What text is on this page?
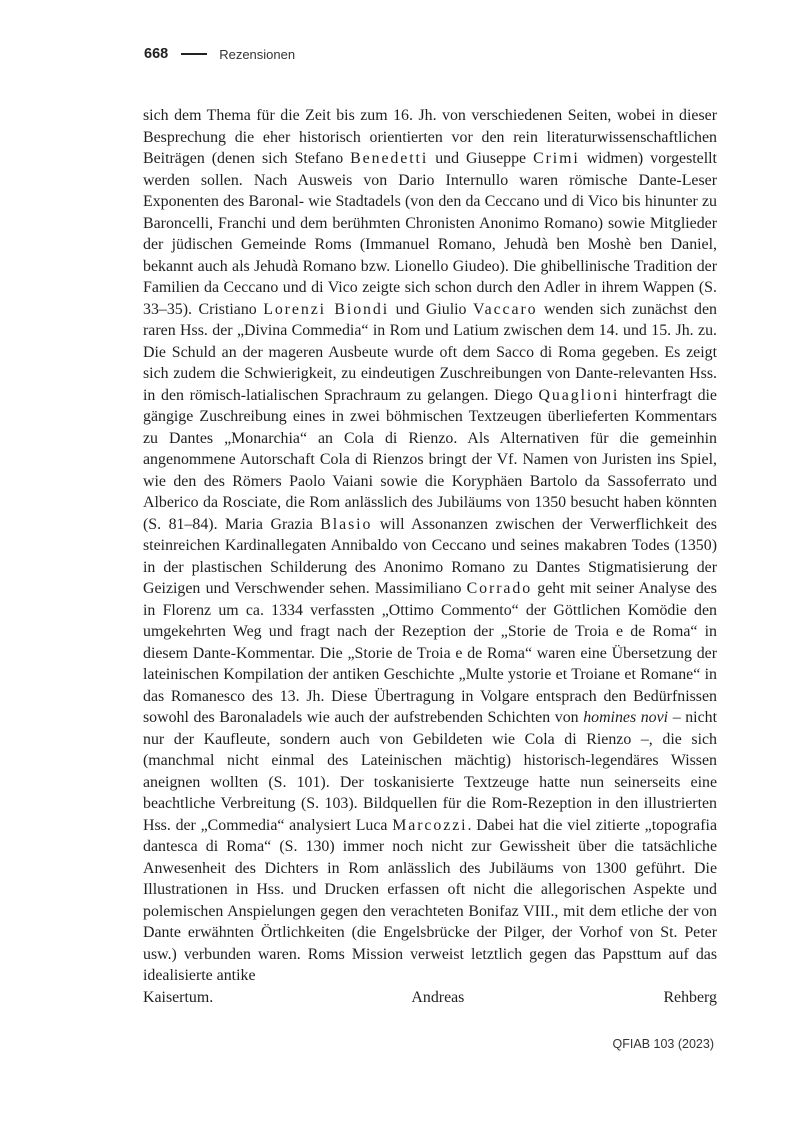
668	Rezensionen

sich dem Thema für die Zeit bis zum 16. Jh. von verschiedenen Seiten, wobei in dieser Besprechung die eher historisch orientierten vor den rein literaturwissenschaftlichen Beiträgen (denen sich Stefano Benedetti und Giuseppe Crimi widmen) vorgestellt werden sollen. Nach Ausweis von Dario Internullo waren römische Dante-Leser Exponenten des Baronal- wie Stadtadels (von den da Ceccano und di Vico bis hinunter zu Baroncelli, Franchi und dem berühmten Chronisten Anonimo Romano) sowie Mitglieder der jüdischen Gemeinde Roms (Immanuel Romano, Jehudà ben Moshè ben Daniel, bekannt auch als Jehudà Romano bzw. Lionello Giudeo). Die ghibellinische Tradition der Familien da Ceccano und di Vico zeigte sich schon durch den Adler in ihrem Wappen (S. 33–35). Cristiano Lorenzi Biondi und Giulio Vaccaro wenden sich zunächst den raren Hss. der „Divina Commedia“ in Rom und Latium zwischen dem 14. und 15. Jh. zu. Die Schuld an der mageren Ausbeute wurde oft dem Sacco di Roma gegeben. Es zeigt sich zudem die Schwierigkeit, zu eindeutigen Zuschreibungen von Dante-relevanten Hss. in den römisch-latialischen Sprachraum zu gelangen. Diego Quaglioni hinterfragt die gängige Zuschreibung eines in zwei böhmischen Textzeugen überlieferten Kommentars zu Dantes „Monarchia“ an Cola di Rienzo. Als Alternativen für die gemeinhin angenommene Autorschaft Cola di Rienzos bringt der Vf. Namen von Juristen ins Spiel, wie den des Römers Paolo Vaiani sowie die Koryphäen Bartolo da Sassoferrato und Alberico da Rosciate, die Rom anlässlich des Jubiläums von 1350 besucht haben könnten (S. 81–84). Maria Grazia Blasio will Assonanzen zwischen der Verwerflichkeit des steinreichen Kardinallegaten Annibaldo von Ceccano und seines makabren Todes (1350) in der plastischen Schilderung des Anonimo Romano zu Dantes Stigmatisierung der Geizigen und Verschwender sehen. Massimiliano Corrado geht mit seiner Analyse des in Florenz um ca. 1334 verfassten „Ottimo Commento“ der Göttlichen Komödie den umgekehrten Weg und fragt nach der Rezeption der „Storie de Troia e de Roma“ in diesem Dante-Kommentar. Die „Storie de Troia e de Roma“ waren eine Übersetzung der lateinischen Kompilation der antiken Geschichte „Multe ystorie et Troiane et Romane“ in das Romanesco des 13. Jh. Diese Übertragung in Volgare entsprach den Bedürfnissen sowohl des Baronaladels wie auch der aufstrebenden Schichten von homines novi – nicht nur der Kaufleute, sondern auch von Gebildeten wie Cola di Rienzo –, die sich (manchmal nicht einmal des Lateinischen mächtig) historisch-legendäres Wissen aneignen wollten (S. 101). Der toskanisierte Textzeuge hatte nun seinerseits eine beachtliche Verbreitung (S. 103). Bildquellen für die Rom-Rezeption in den illustrierten Hss. der „Commedia“ analysiert Luca Marcozzi. Dabei hat die viel zitierte „topografia dantesca di Roma“ (S. 130) immer noch nicht zur Gewissheit über die tatsächliche Anwesenheit des Dichters in Rom anlässlich des Jubiläums von 1300 geführt. Die Illustrationen in Hss. und Drucken erfassen oft nicht die allegorischen Aspekte und polemischen Anspielungen gegen den verachteten Bonifaz VIII., mit dem etliche der von Dante erwähnten Örtlichkeiten (die Engelsbrücke der Pilger, der Vorhof von St. Peter usw.) verbunden waren. Roms Mission verweist letztlich gegen das Papsttum auf das idealisierte antike

Kaisertum.	Andreas Rehberg

QFIAB 103 (2023)
